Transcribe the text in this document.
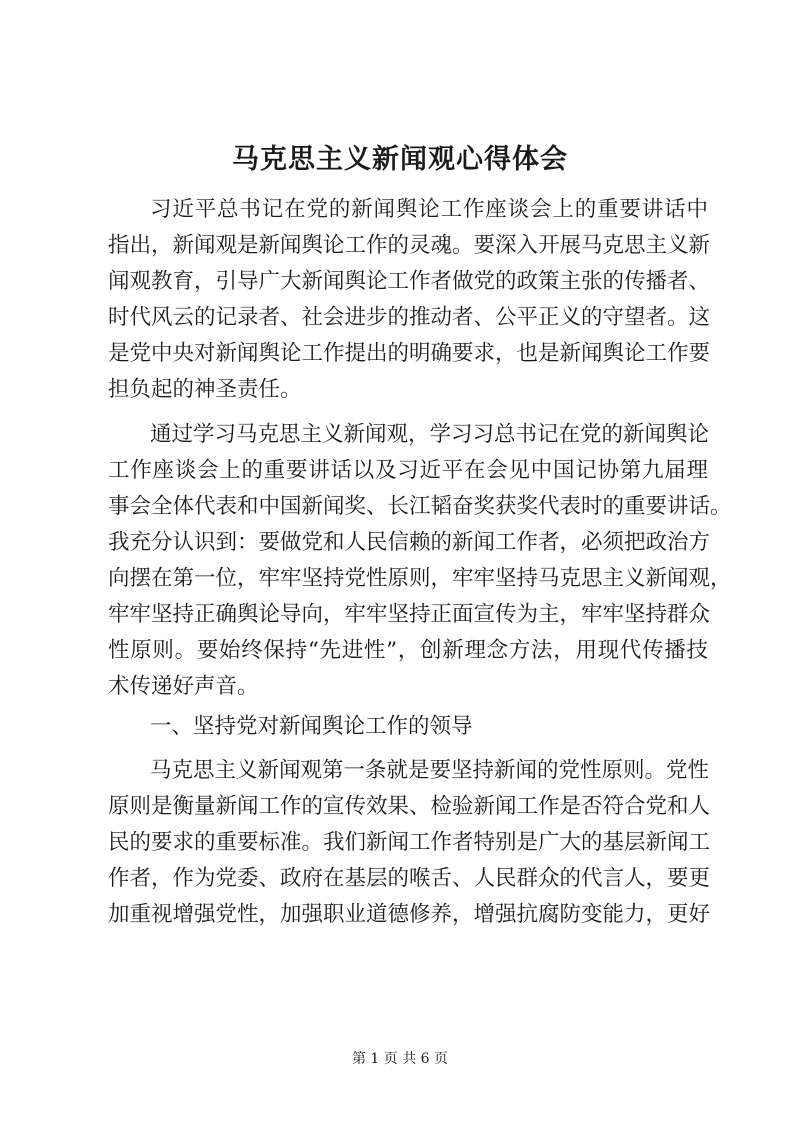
马克思主义新闻观心得体会

习近平总书记在党的新闻舆论工作座谈会上的重要讲话中

指出，新闻观是新闻舆论工作的灵魂。要深入开展马克思主义新

闻观教育，引导广大新闻舆论工作者做党的政策主张的传播者、

时代风云的记录者、社会进步的推动者、公平正义的守望者。这

是党中央对新闻舆论工作提出的明确要求，也是新闻舆论工作要

担负起的神圣责任。

通过学习马克思主义新闻观，学习习总书记在党的新闻舆论

工作座谈会上的重要讲话以及习近平在会见中国记协第九届理

事会全体代表和中国新闻奖、长江韬奋奖获奖代表时的重要讲话。

我充分认识到：要做党和人民信赖的新闻工作者，必须把政治方

向摆在第一位，牢牢坚持党性原则，牢牢坚持马克思主义新闻观，

牢牢坚持正确舆论导向，牢牢坚持正面宣传为主，牢牢坚持群众

性原则。要始终保持“先进性”，创新理念方法，用现代传播技

术传递好声音。

一、坚持党对新闻舆论工作的领导

马克思主义新闻观第一条就是要坚持新闻的党性原则。党性

原则是衡量新闻工作的宣传效果、检验新闻工作是否符合党和人

民的要求的重要标准。我们新闻工作者特别是广大的基层新闻工

作者，作为党委、政府在基层的喉舌、人民群众的代言人，要更

加重视增强党性，加强职业道德修养，增强抗腐防变能力，更好

第 1 页 共 6 页
